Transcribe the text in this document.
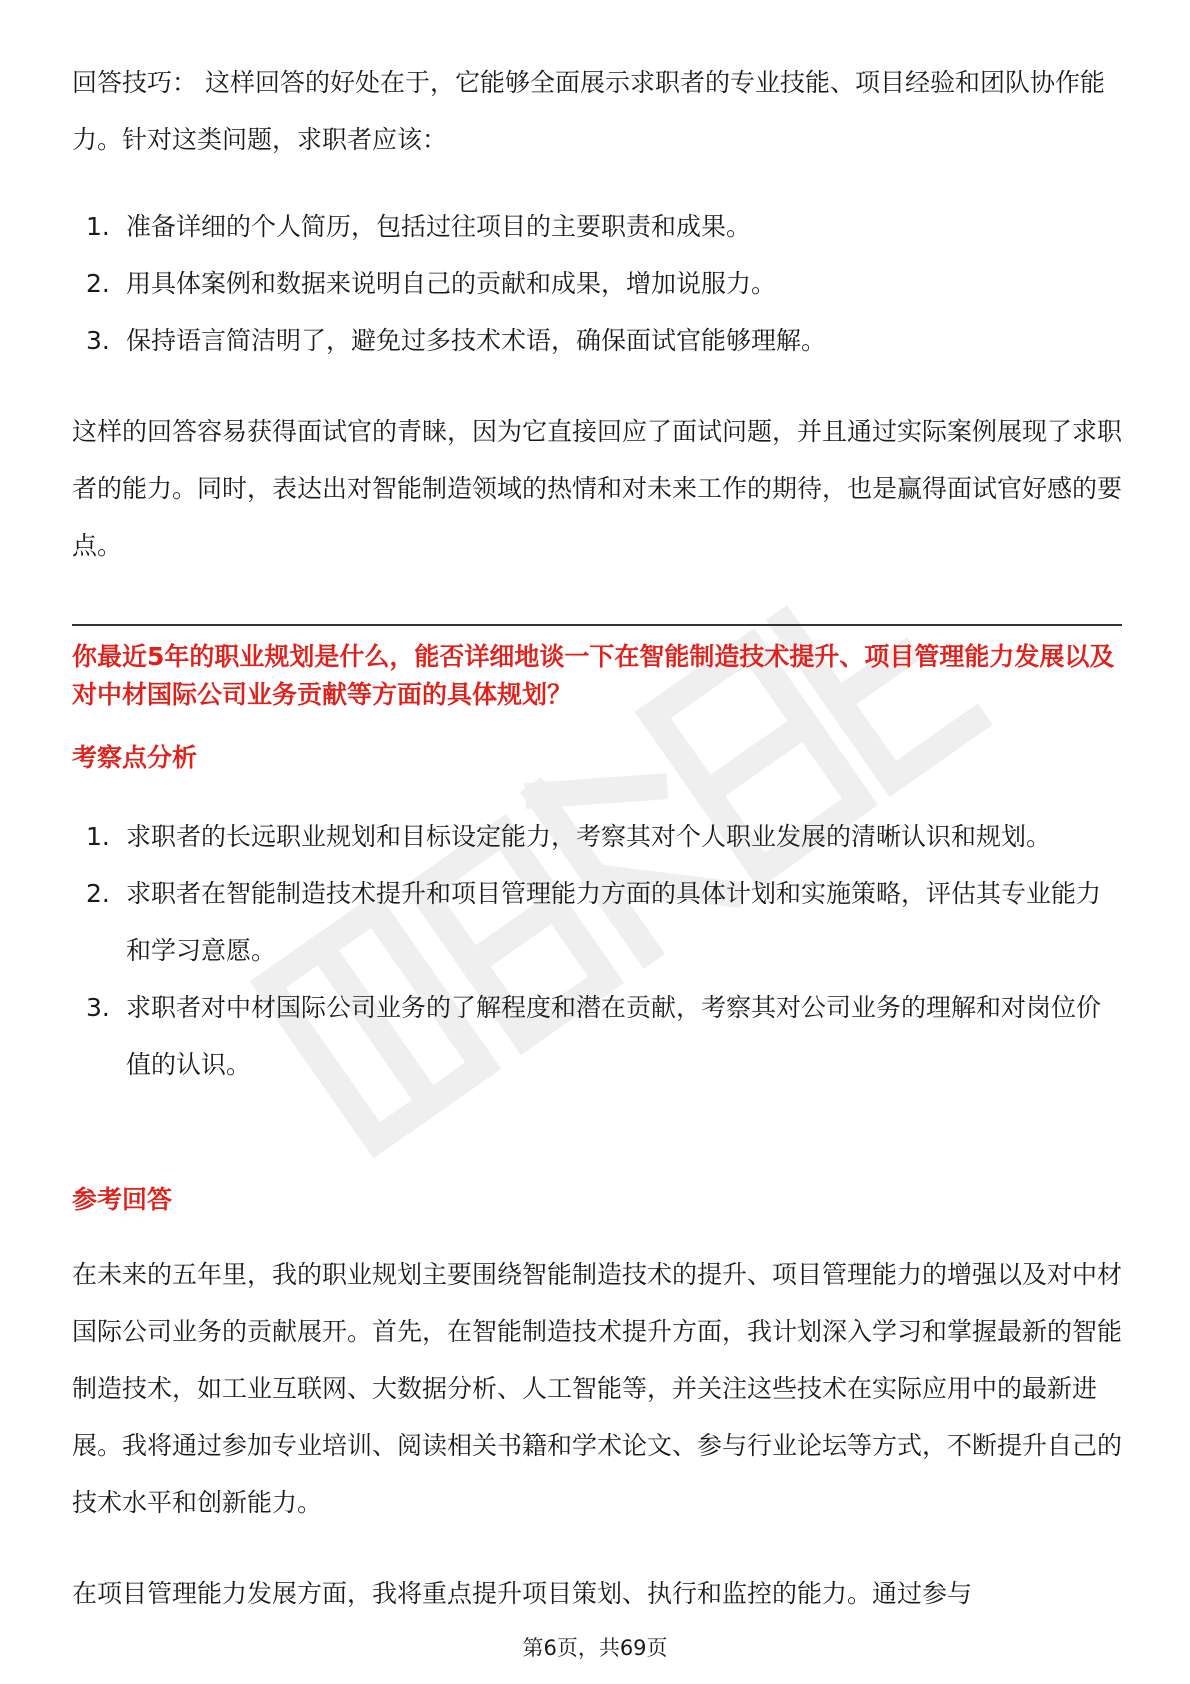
回答技巧： 这样回答的好处在于，它能够全面展示求职者的专业技能、项目经验和团队协作能力。针对这类问题，求职者应该：

1. 准备详细的个人简历，包括过往项目的主要职责和成果。
2. 用具体案例和数据来说明自己的贡献和成果，增加说服力。
3. 保持语言简洁明了，避免过多技术术语，确保面试官能够理解。

这样的回答容易获得面试官的青睐，因为它直接回应了面试问题，并且通过实际案例展现了求职者的能力。同时，表达出对智能制造领域的热情和对未来工作的期待，也是赢得面试官好感的要点。

你最近5年的职业规划是什么，能否详细地谈一下在智能制造技术提升、项目管理能力发展以及对中材国际公司业务贡献等方面的具体规划？

考察点分析

1. 求职者的长远职业规划和目标设定能力，考察其对个人职业发展的清晰认识和规划。
2. 求职者在智能制造技术提升和项目管理能力方面的具体计划和实施策略，评估其专业能力和学习意愿。
3. 求职者对中材国际公司业务的了解程度和潜在贡献，考察其对公司业务的理解和对岗位价值的认识。

参考回答

在未来的五年里，我的职业规划主要围绕智能制造技术的提升、项目管理能力的增强以及对中材国际公司业务的贡献展开。首先，在智能制造技术提升方面，我计划深入学习和掌握最新的智能制造技术，如工业互联网、大数据分析、人工智能等，并关注这些技术在实际应用中的最新进展。我将通过参加专业培训、阅读相关书籍和学术论文、参与行业论坛等方式，不断提升自己的技术水平和创新能力。

在项目管理能力发展方面，我将重点提升项目策划、执行和监控的能力。通过参与

第6页，共69页
